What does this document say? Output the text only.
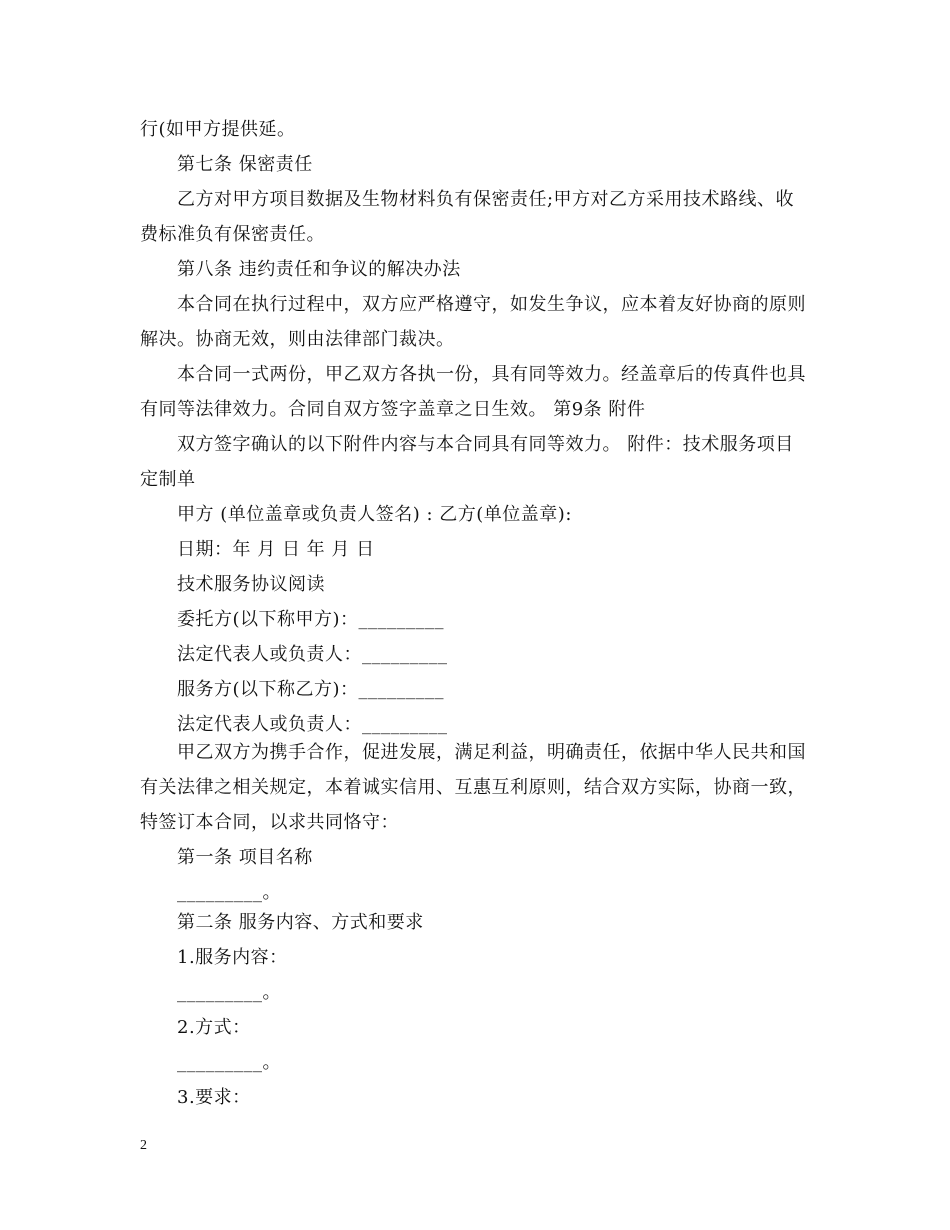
行(如甲方提供延。
第七条 保密责任
乙方对甲方项目数据及生物材料负有保密责任;甲方对乙方采用技术路线、收
费标准负有保密责任。
第八条 违约责任和争议的解决办法
本合同在执行过程中，双方应严格遵守，如发生争议，应本着友好协商的原则
解决。协商无效，则由法律部门裁决。
本合同一式两份，甲乙双方各执一份，具有同等效力。经盖章后的传真件也具
有同等法律效力。合同自双方签字盖章之日生效。 第9条 附件
双方签字确认的以下附件内容与本合同具有同等效力。 附件：技术服务项目
定制单
甲方 (单位盖章或负责人签名) : 乙方(单位盖章):
日期：年 月 日 年 月 日
技术服务协议阅读
委托方(以下称甲方)：_________
法定代表人或负责人：_________
服务方(以下称乙方)：_________
法定代表人或负责人：_________
甲乙双方为携手合作，促进发展，满足利益，明确责任，依据中华人民共和国
有关法律之相关规定，本着诚实信用、互惠互利原则，结合双方实际，协商一致，
特签订本合同，以求共同恪守：
第一条 项目名称
_________。
第二条 服务内容、方式和要求
1.服务内容：
_________。
2.方式：
_________。
3.要求：
2
